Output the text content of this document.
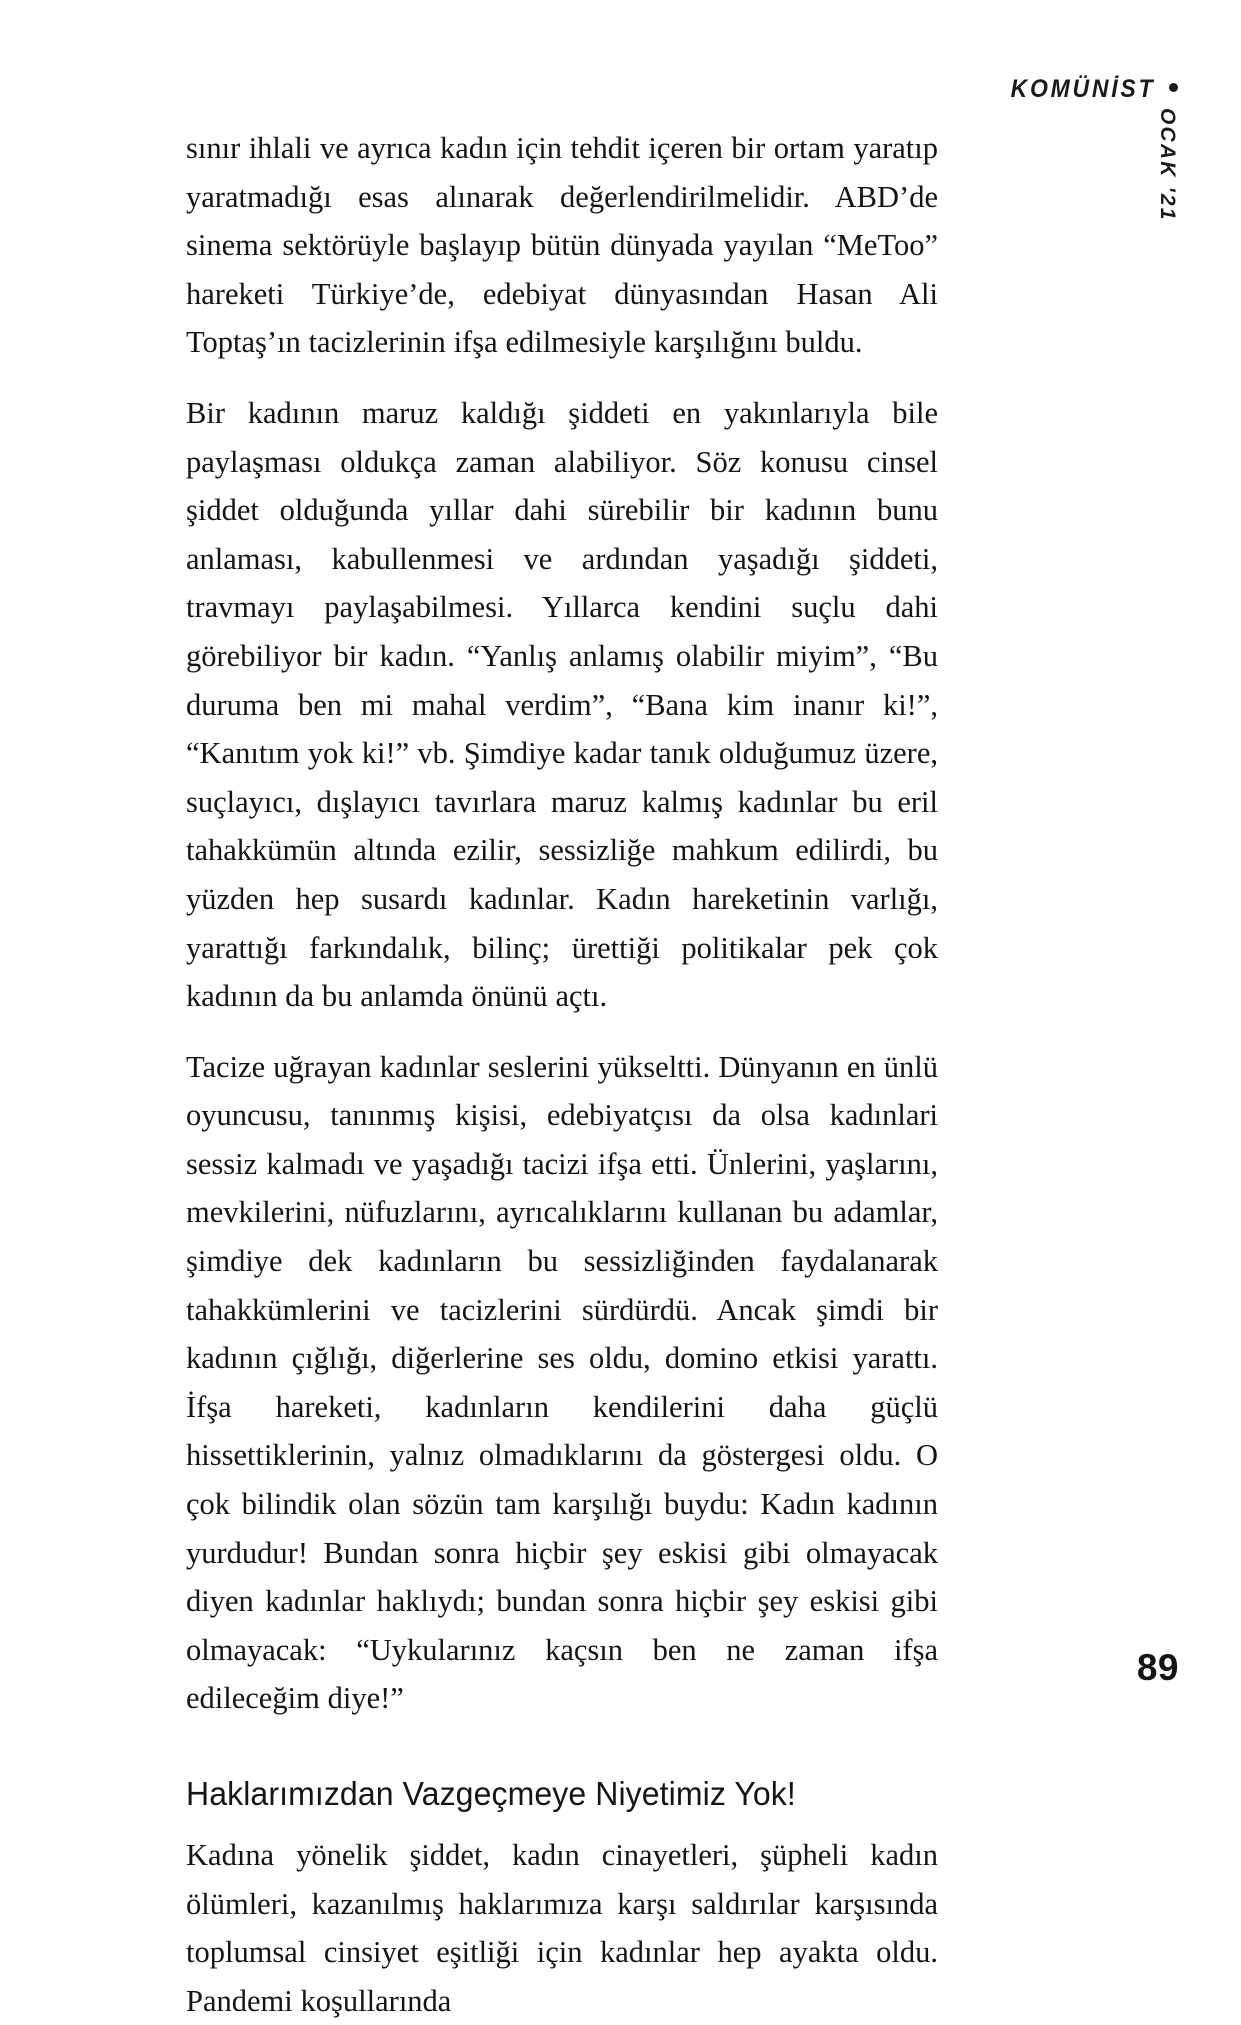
KOMÜNİST
OCAK '21

sınır ihlali ve ayrıca kadın için tehdit içeren bir ortam yaratıp yaratmadığı esas alınarak değerlendirilmelidir. ABD’de sinema sektörüyle başlayıp bütün dünyada yayılan “MeToo” hareketi Türkiye’de, edebiyat dünyasından Hasan Ali Toptaş’ın tacizlerinin ifşa edilmesiyle karşılığını buldu.

Bir kadının maruz kaldığı şiddeti en yakınlarıyla bile paylaşması oldukça zaman alabiliyor. Söz konusu cinsel şiddet olduğunda yıllar dahi sürebilir bir kadının bunu anlaması, kabullenmesi ve ardından yaşadığı şiddeti, travmayı paylaşabilmesi. Yıllarca kendini suçlu dahi görebiliyor bir kadın. “Yanlış anlamış olabilir miyim”, “Bu duruma ben mi mahal verdim”, “Bana kim inanır ki!”, “Kanıtım yok ki!” vb. Şimdiye kadar tanık olduğumuz üzere, suçlayıcı, dışlayıcı tavırlara maruz kalmış kadınlar bu eril tahakkümün altında ezilir, sessizliğe mahkum edilirdi, bu yüzden hep susardı kadınlar. Kadın hareketinin varlığı, yarattığı farkındalık, bilinç; ürettiği politikalar pek çok kadının da bu anlamda önünü açtı.

Tacize uğrayan kadınlar seslerini yükseltti. Dünyanın en ünlü oyuncusu, tanınmış kişisi, edebiyatçısı da olsa kadınlari sessiz kalmadı ve yaşadığı tacizi ifşa etti. Ünlerini, yaşlarını, mevkilerini, nüfuzlarını, ayrıcalıklarını kullanan bu adamlar, şimdiye dek kadınların bu sessizliğinden faydalanarak tahakkümlerini ve tacizlerini sürdürdü. Ancak şimdi bir kadının çığlığı, diğerlerine ses oldu, domino etkisi yarattı. İfşa hareketi, kadınların kendilerini daha güçlü hissettiklerinin, yalnız olmadıklarını da göstergesi oldu. O çok bilindik olan sözün tam karşılığı buydu: Kadın kadının yurdudur! Bundan sonra hiçbir şey eskisi gibi olmayacak diyen kadınlar haklıydı; bundan sonra hiçbir şey eskisi gibi olmayacak: “Uykularınız kaçsın ben ne zaman ifşa edileceğim diye!”

Haklarımızdan Vazgeçmeye Niyetimiz Yok!

Kadına yönelik şiddet, kadın cinayetleri, şüpheli kadın ölümleri, kazanılmış haklarımıza karşı saldırılar karşısında toplumsal cinsiyet eşitliği için kadınlar hep ayakta oldu. Pandemi koşullarında

89
